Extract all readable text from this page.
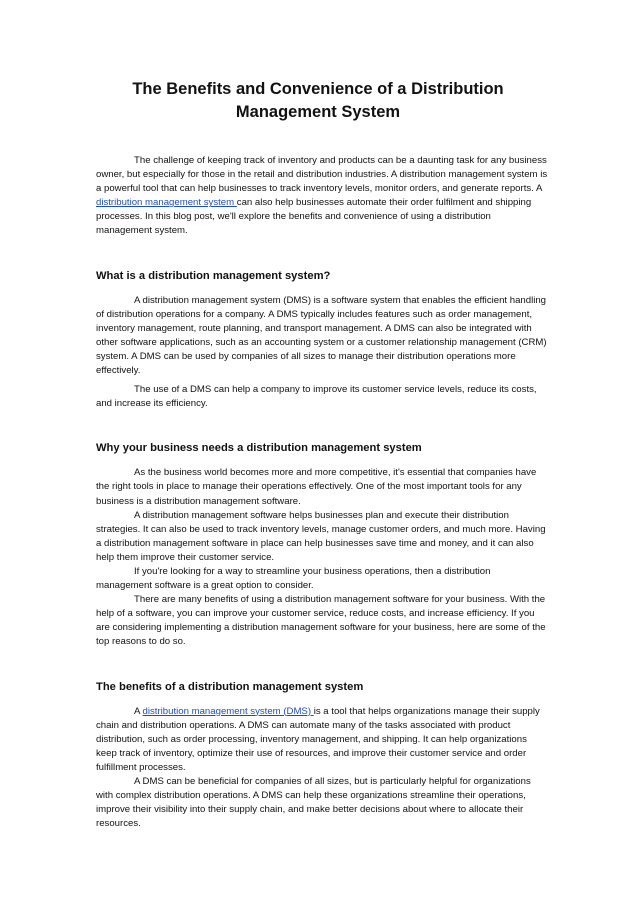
The Benefits and Convenience of a Distribution
Management System

The challenge of keeping track of inventory and products can be a daunting task for any business owner, but especially for those in the retail and distribution industries. A distribution management system is a powerful tool that can help businesses to track inventory levels, monitor orders, and generate reports. A distribution management system can also help businesses automate their order fulfilment and shipping processes. In this blog post, we'll explore the benefits and convenience of using a distribution management system.

What is a distribution management system?

A distribution management system (DMS) is a software system that enables the efficient handling of distribution operations for a company. A DMS typically includes features such as order management, inventory management, route planning, and transport management. A DMS can also be integrated with other software applications, such as an accounting system or a customer relationship management (CRM) system. A DMS can be used by companies of all sizes to manage their distribution operations more effectively.

The use of a DMS can help a company to improve its customer service levels, reduce its costs, and increase its efficiency.

Why your business needs a distribution management system

As the business world becomes more and more competitive, it's essential that companies have the right tools in place to manage their operations effectively. One of the most important tools for any business is a distribution management software.

A distribution management software helps businesses plan and execute their distribution strategies. It can also be used to track inventory levels, manage customer orders, and much more. Having a distribution management software in place can help businesses save time and money, and it can also help them improve their customer service.

If you're looking for a way to streamline your business operations, then a distribution management software is a great option to consider.

There are many benefits of using a distribution management software for your business. With the help of a software, you can improve your customer service, reduce costs, and increase efficiency. If you are considering implementing a distribution management software for your business, here are some of the top reasons to do so.

The benefits of a distribution management system

A distribution management system (DMS) is a tool that helps organizations manage their supply chain and distribution operations. A DMS can automate many of the tasks associated with product distribution, such as order processing, inventory management, and shipping. It can help organizations keep track of inventory, optimize their use of resources, and improve their customer service and order fulfillment processes.

A DMS can be beneficial for companies of all sizes, but is particularly helpful for organizations with complex distribution operations. A DMS can help these organizations streamline their operations, improve their visibility into their supply chain, and make better decisions about where to allocate their resources.
